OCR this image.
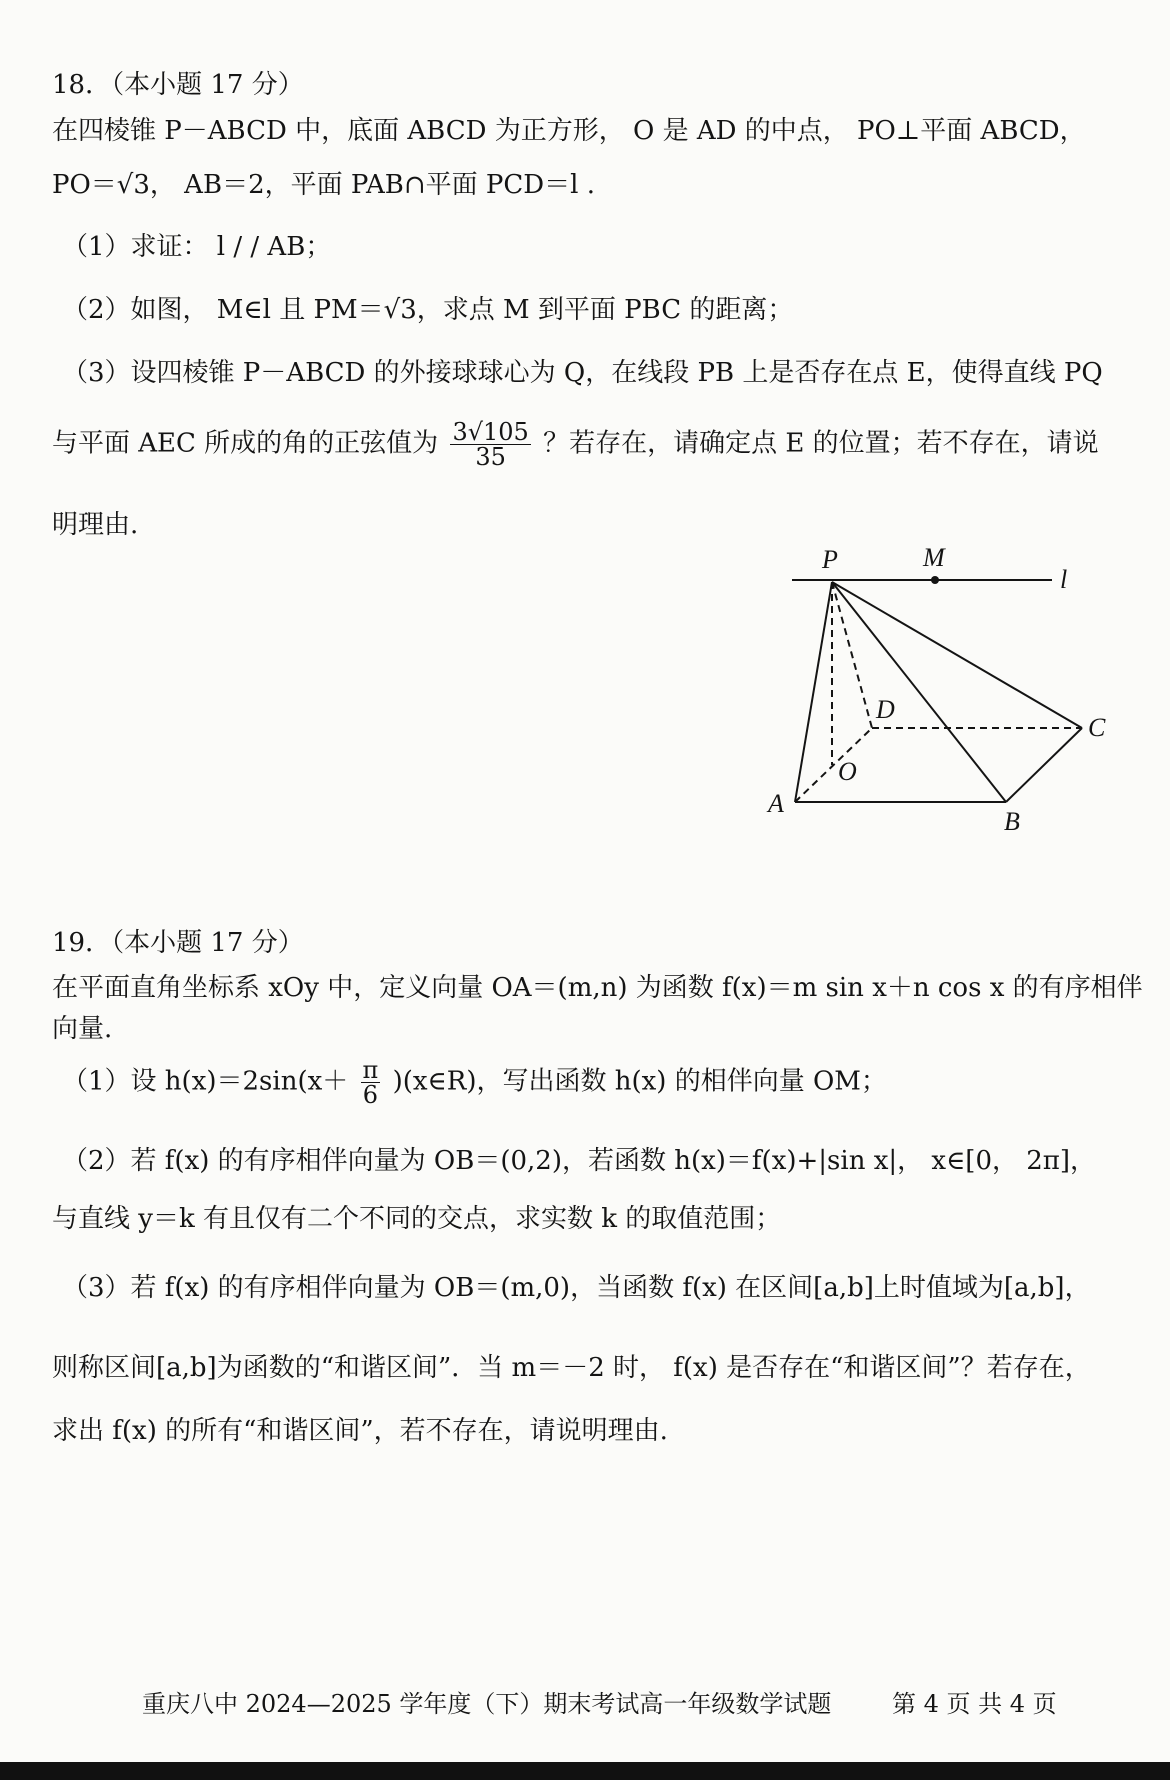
18．（本小题 17 分）
在四棱锥 P－ABCD 中，底面 ABCD 为正方形， O 是 AD 的中点， PO⊥平面 ABCD，
PO＝√3， AB＝2，平面 PAB∩平面 PCD＝l .
（1）求证： l / / AB；
（2）如图， M∈l 且 PM＝√3，求点 M 到平面 PBC 的距离；
（3）设四棱锥 P－ABCD 的外接球球心为 Q，在线段 PB 上是否存在点 E，使得直线 PQ
与平面 AEC 所成的角的正弦值为 $\frac{3√105}{35}$ ？若存在，请确定点 E 的位置；若不存在，请说
明理由.
P	M
l
D
C
O
A
B
19．（本小题 17 分）
在平面直角坐标系 xOy 中，定义向量 OA＝(m,n) 为函数 f(x)＝m sin x＋n cos x 的有序相伴
向量.
（1）设 $h(x)=2\sin(x+ \frac{\pi}{6}$ )(x∈R)，写出函数 h(x) 的相伴向量 OM；
（2）若 f(x) 的有序相伴向量为 OB＝(0,2)，若函数 h(x)＝f(x)+|sin x|， x∈[0， 2π]，
与直线 y＝k 有且仅有二个不同的交点，求实数 k 的取值范围；
（3）若 f(x) 的有序相伴向量为 OB＝(m,0)，当函数 f(x) 在区间[a,b]上时值域为[a,b]，
则称区间[a,b]为函数的“和谐区间”．当 m＝－2 时， f(x) 是否存在“和谐区间”？若存在，
求出 f(x) 的所有“和谐区间”，若不存在，请说明理由.
重庆八中 2024—2025 学年度（下）期末考试高一年级数学试题	第 4 页 共 4 页
